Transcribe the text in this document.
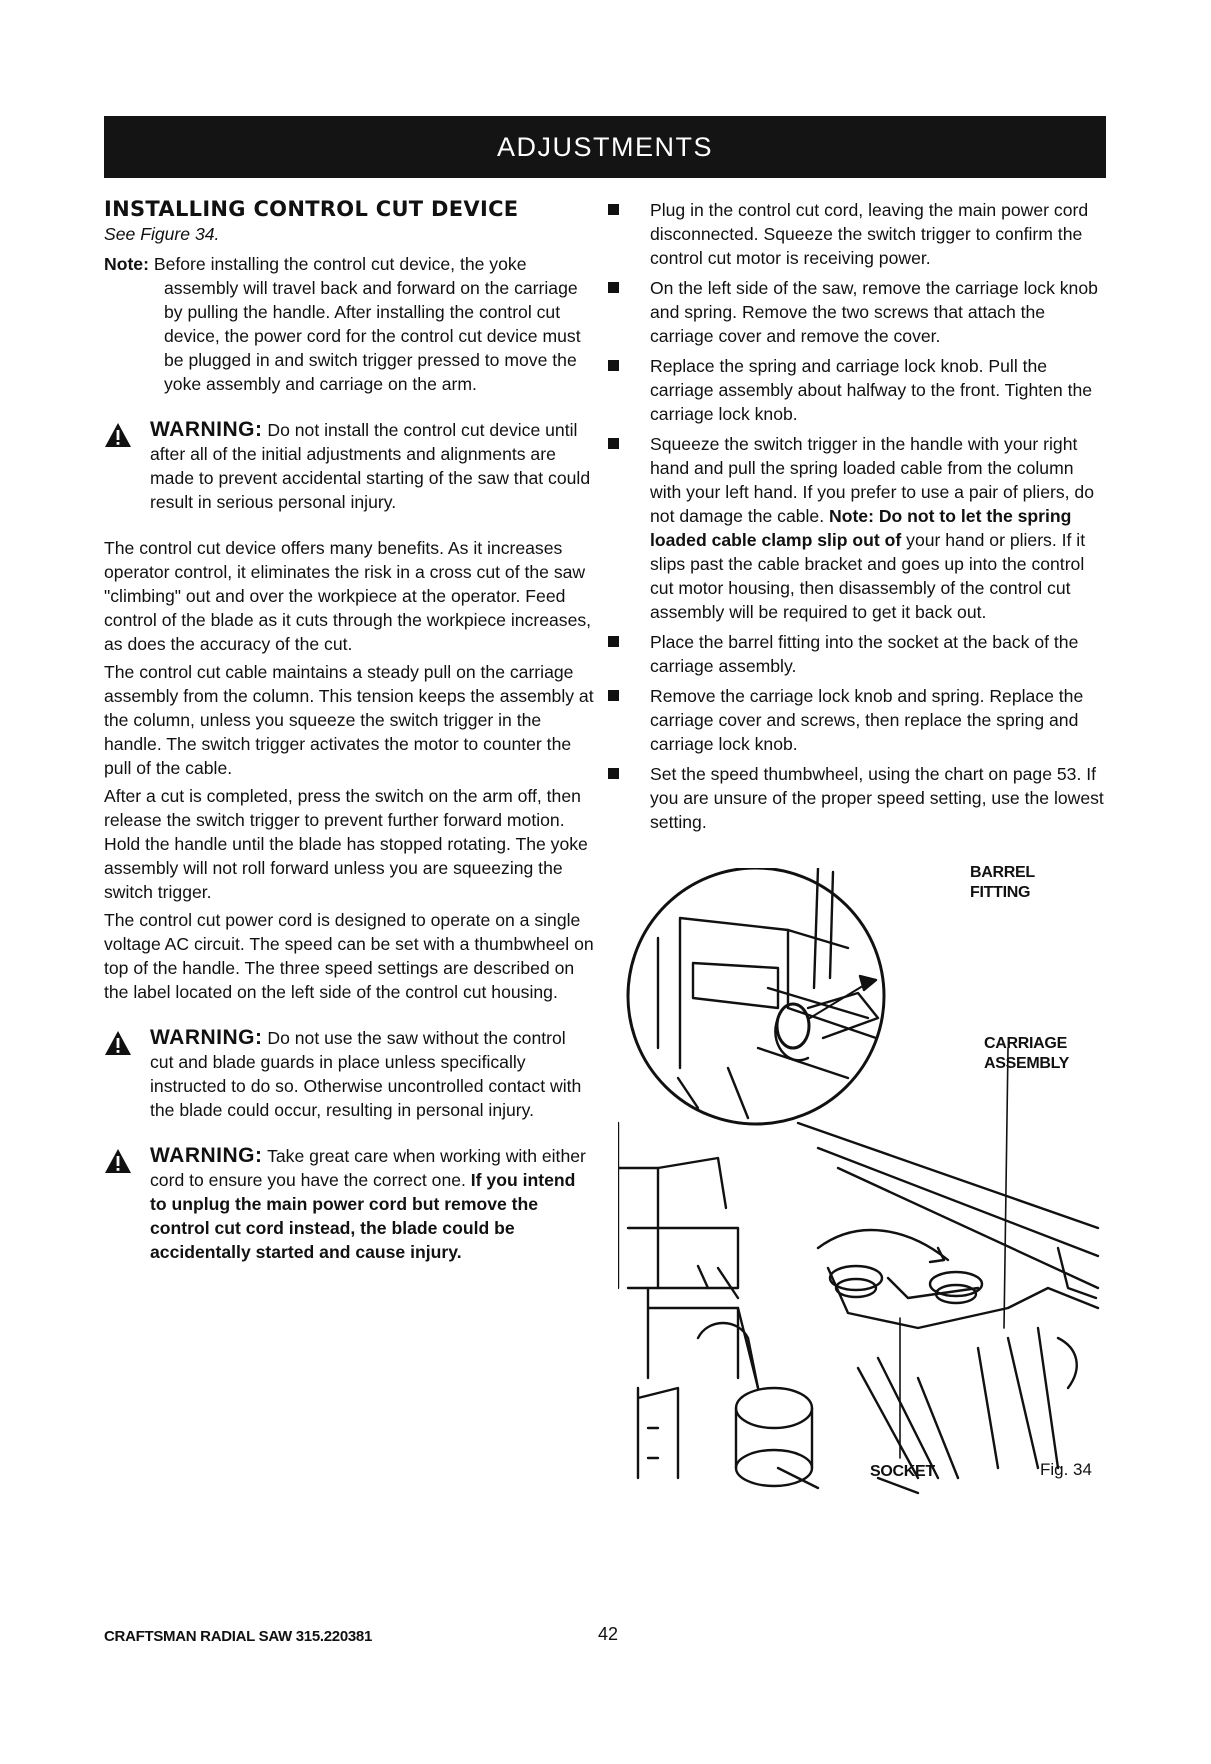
ADJUSTMENTS
INSTALLING CONTROL CUT DEVICE

See Figure 34.

Note: Before installing the control cut device, the yoke assembly will travel back and forward on the carriage by pulling the handle. After installing the control cut device, the power cord for the control cut device must be plugged in and switch trigger pressed to move the yoke assembly and carriage on the arm.

WARNING: Do not install the control cut device until after all of the initial adjustments and alignments are made to prevent accidental starting of the saw that could result in serious personal injury.

The control cut device offers many benefits. As it increases operator control, it eliminates the risk in a cross cut of the saw "climbing" out and over the workpiece at the operator. Feed control of the blade as it cuts through the workpiece increases, as does the accuracy of the cut.

The control cut cable maintains a steady pull on the carriage assembly from the column. This tension keeps the assembly at the column, unless you squeeze the switch trigger in the handle. The switch trigger activates the motor to counter the pull of the cable.

After a cut is completed, press the switch on the arm off, then release the switch trigger to prevent further forward motion. Hold the handle until the blade has stopped rotating. The yoke assembly will not roll forward unless you are squeezing the switch trigger.

The control cut power cord is designed to operate on a single voltage AC circuit. The speed can be set with a thumbwheel on top of the handle. The three speed settings are described on the label located on the left side of the control cut housing.

WARNING: Do not use the saw without the control cut and blade guards in place unless specifically instructed to do so. Otherwise uncontrolled contact with the blade could occur, resulting in personal injury.
WARNING: Take great care when working with either cord to ensure you have the correct one. If you intend to unplug the main power cord but remove the control cut cord instead, the blade could be accidentally started and cause injury.
Plug in the control cut cord, leaving the main power cord disconnected. Squeeze the switch trigger to confirm the control cut motor is receiving power.
On the left side of the saw, remove the carriage lock knob and spring. Remove the two screws that attach the carriage cover and remove the cover.
Replace the spring and carriage lock knob. Pull the carriage assembly about halfway to the front. Tighten the carriage lock knob.
Squeeze the switch trigger in the handle with your right hand and pull the spring loaded cable from the column with your left hand. If you prefer to use a pair of pliers, do not damage the cable. Note: Do not to let the spring loaded cable clamp slip out of your hand or pliers. If it slips past the cable bracket and goes up into the control cut motor housing, then disassembly of the control cut assembly will be required to get it back out.
Place the barrel fitting into the socket at the back of the carriage assembly.
Remove the carriage lock knob and spring. Replace the carriage cover and screws, then replace the spring and carriage lock knob.
Set the speed thumbwheel, using the chart on page 53. If you are unsure of the proper speed setting, use the lowest setting.
BARREL
FITTING
CARRIAGE
ASSEMBLY
SOCKET	Fig. 34
CRAFTSMAN RADIAL SAW 315.220381	42
